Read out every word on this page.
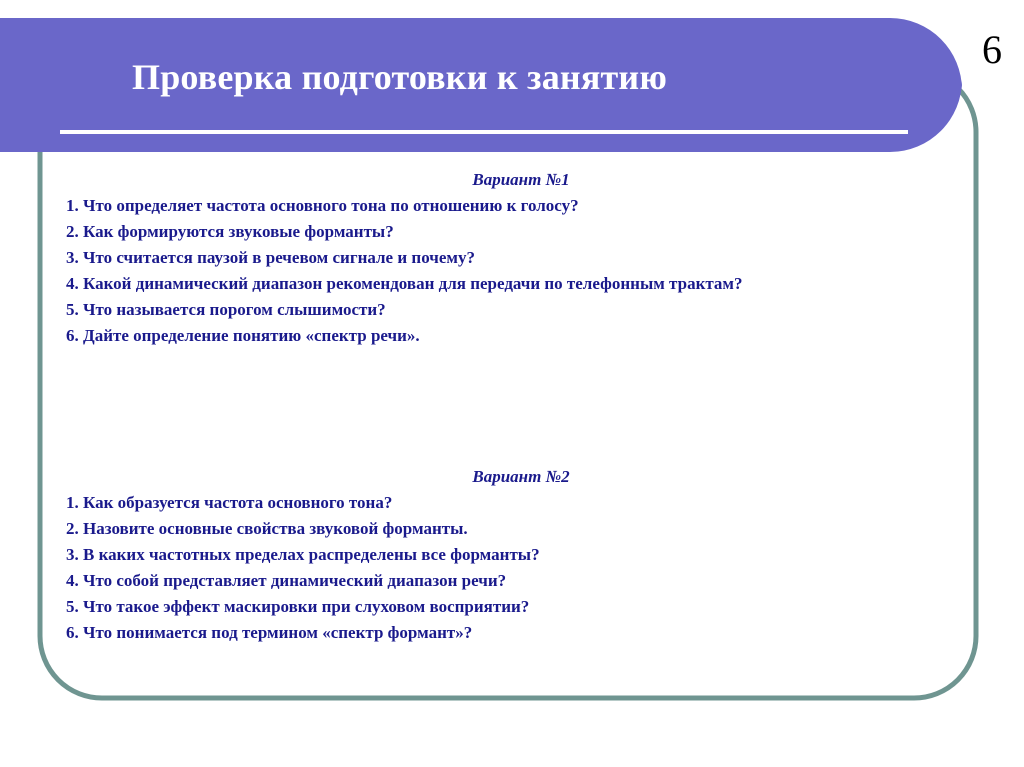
6
Проверка подготовки к занятию
Вариант №1
1. Что определяет частота основного тона по отношению к голосу?
2. Как формируются звуковые форманты?
3. Что считается паузой в речевом сигнале и почему?
4. Какой динамический диапазон рекомендован для передачи по телефонным трактам?
5. Что называется порогом слышимости?
6. Дайте определение понятию «спектр речи».
Вариант №2
1. Как образуется частота основного тона?
2. Назовите основные свойства звуковой форманты.
3. В каких частотных пределах распределены все форманты?
4. Что собой представляет динамический диапазон речи?
5. Что такое эффект маскировки при слуховом восприятии?
6. Что понимается под термином «спектр формант»?
